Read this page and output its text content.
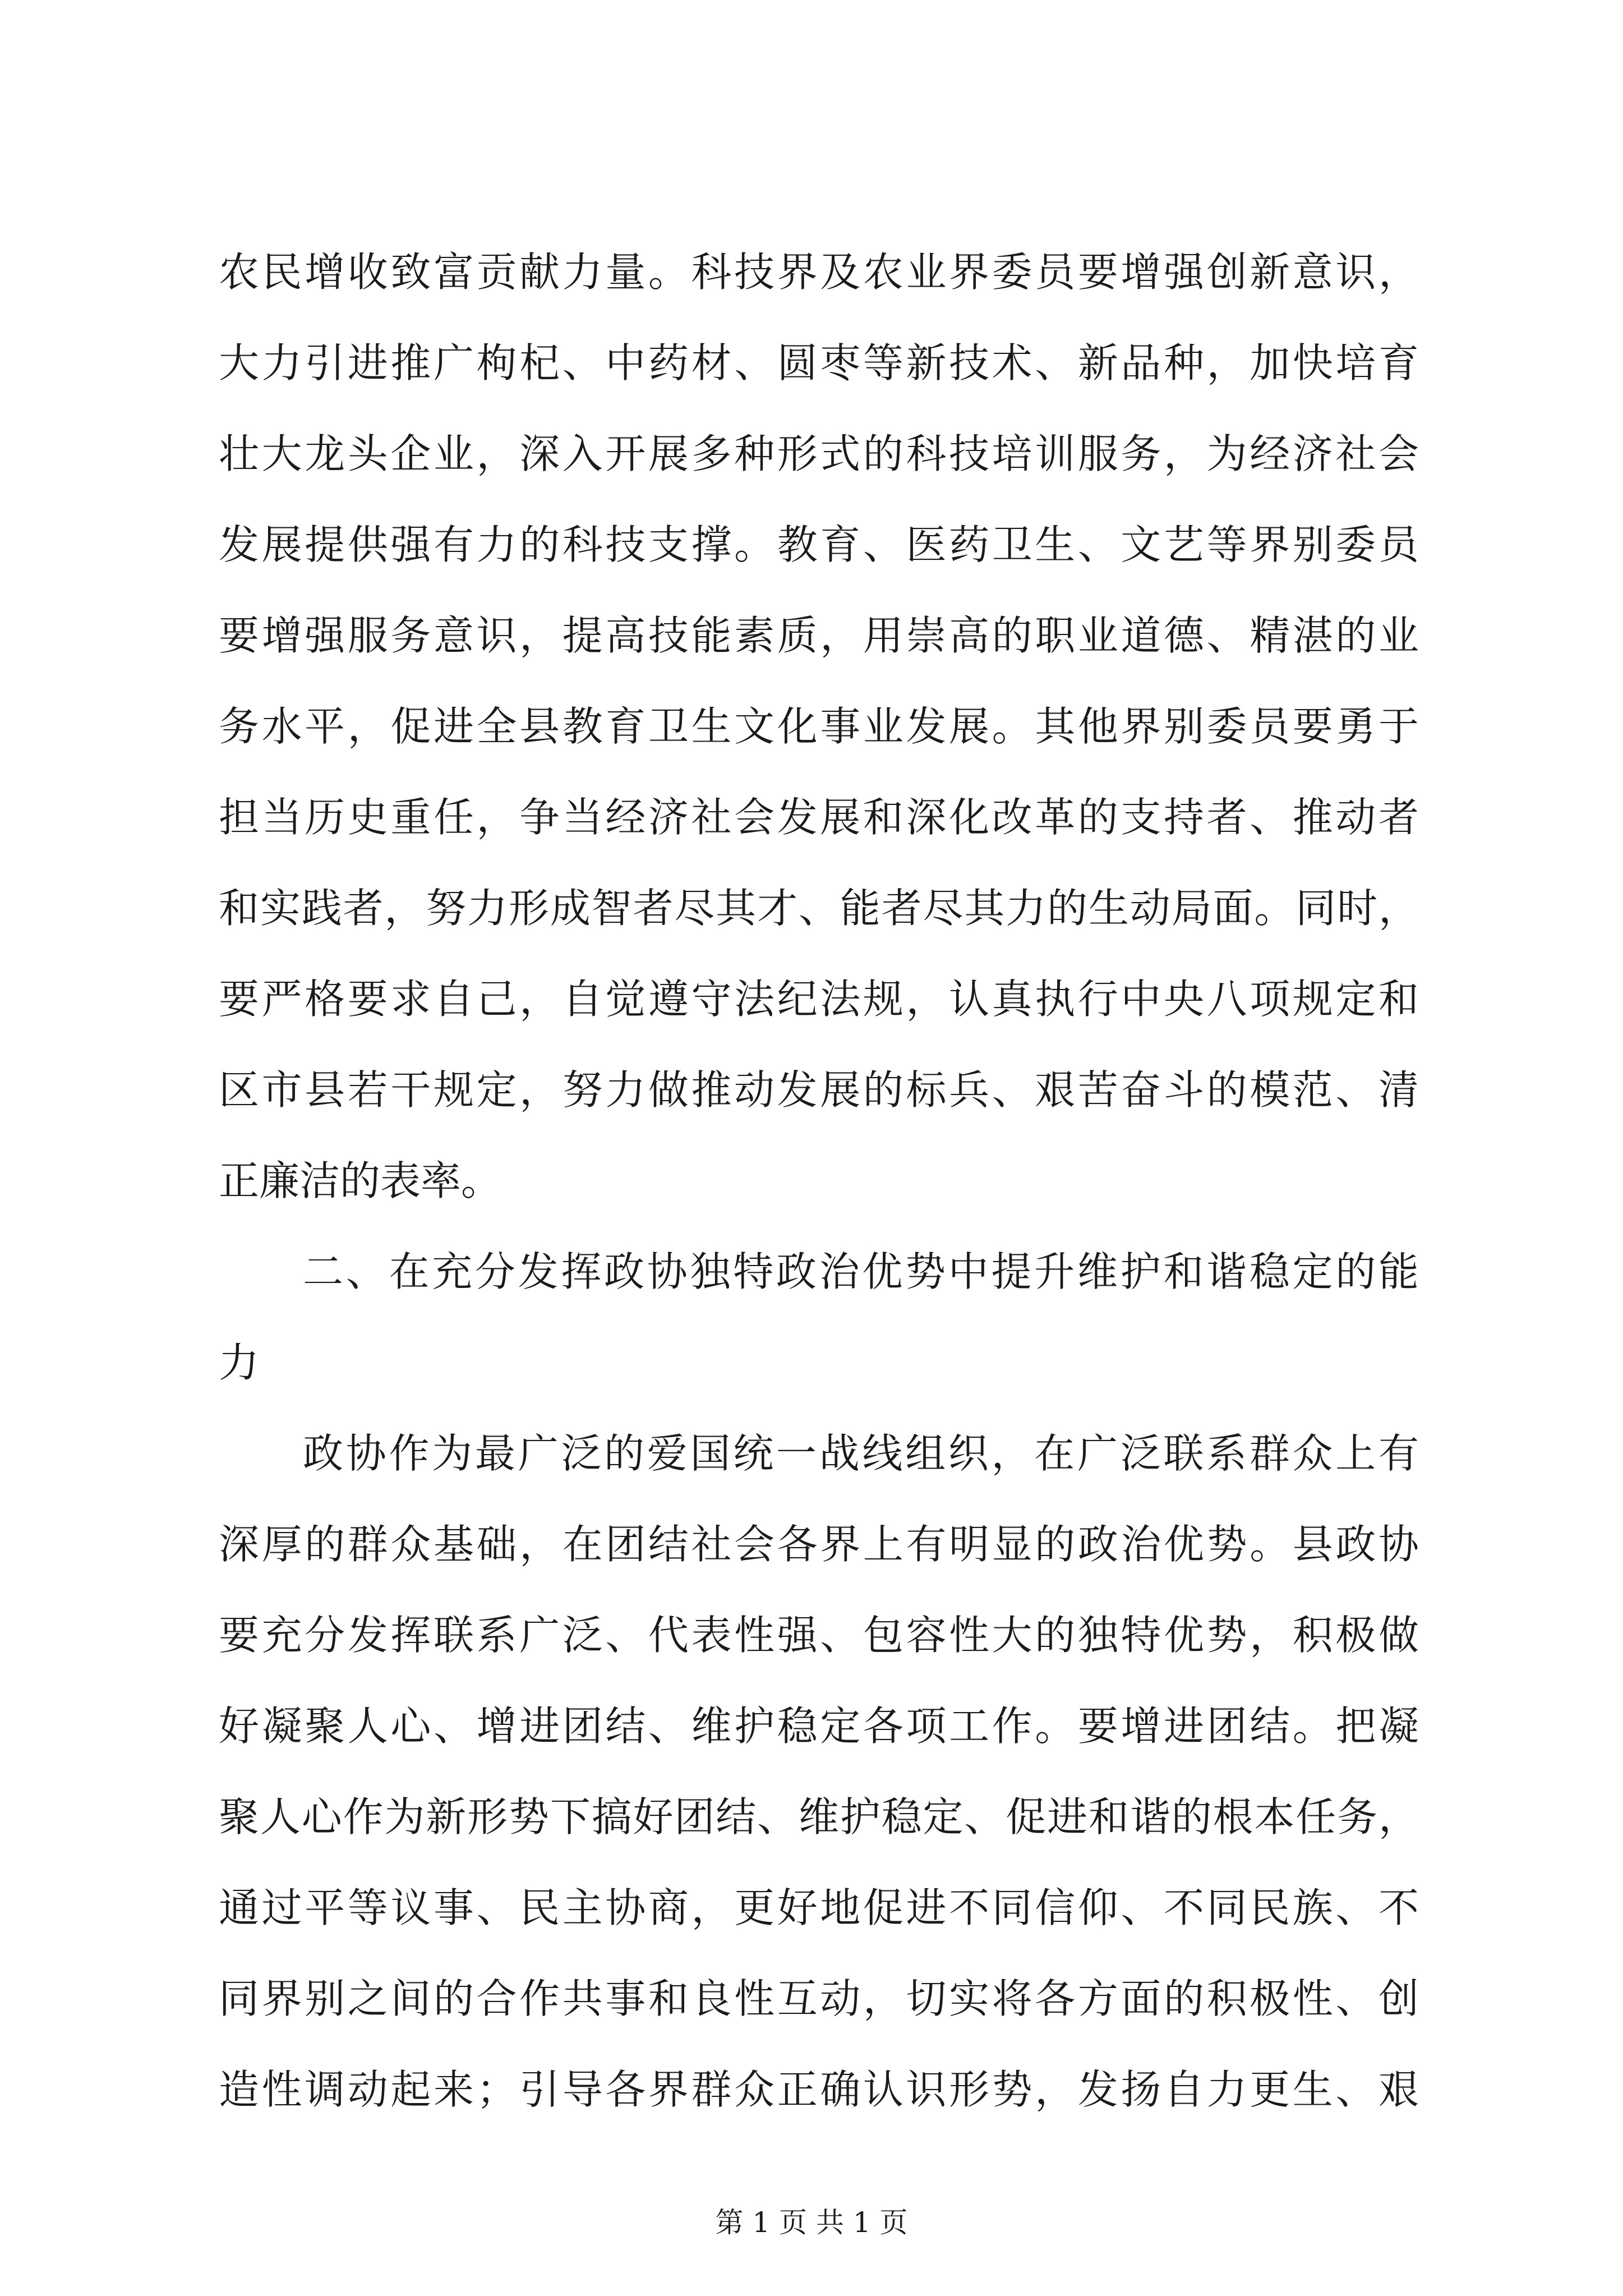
农民增收致富贡献力量。科技界及农业界委员要增强创新意识，
大力引进推广枸杞、中药材、圆枣等新技术、新品种，加快培育
壮大龙头企业，深入开展多种形式的科技培训服务，为经济社会
发展提供强有力的科技支撑。教育、医药卫生、文艺等界别委员
要增强服务意识，提高技能素质，用崇高的职业道德、精湛的业
务水平，促进全县教育卫生文化事业发展。其他界别委员要勇于
担当历史重任，争当经济社会发展和深化改革的支持者、推动者
和实践者，努力形成智者尽其才、能者尽其力的生动局面。同时，
要严格要求自己，自觉遵守法纪法规，认真执行中央八项规定和
区市县若干规定，努力做推动发展的标兵、艰苦奋斗的模范、清
正廉洁的表率。
二、在充分发挥政协独特政治优势中提升维护和谐稳定的能
力
政协作为最广泛的爱国统一战线组织，在广泛联系群众上有
深厚的群众基础，在团结社会各界上有明显的政治优势。县政协
要充分发挥联系广泛、代表性强、包容性大的独特优势，积极做
好凝聚人心、增进团结、维护稳定各项工作。要增进团结。把凝
聚人心作为新形势下搞好团结、维护稳定、促进和谐的根本任务，
通过平等议事、民主协商，更好地促进不同信仰、不同民族、不
同界别之间的合作共事和良性互动，切实将各方面的积极性、创
造性调动起来；引导各界群众正确认识形势，发扬自力更生、艰
第 1 页 共 1 页
